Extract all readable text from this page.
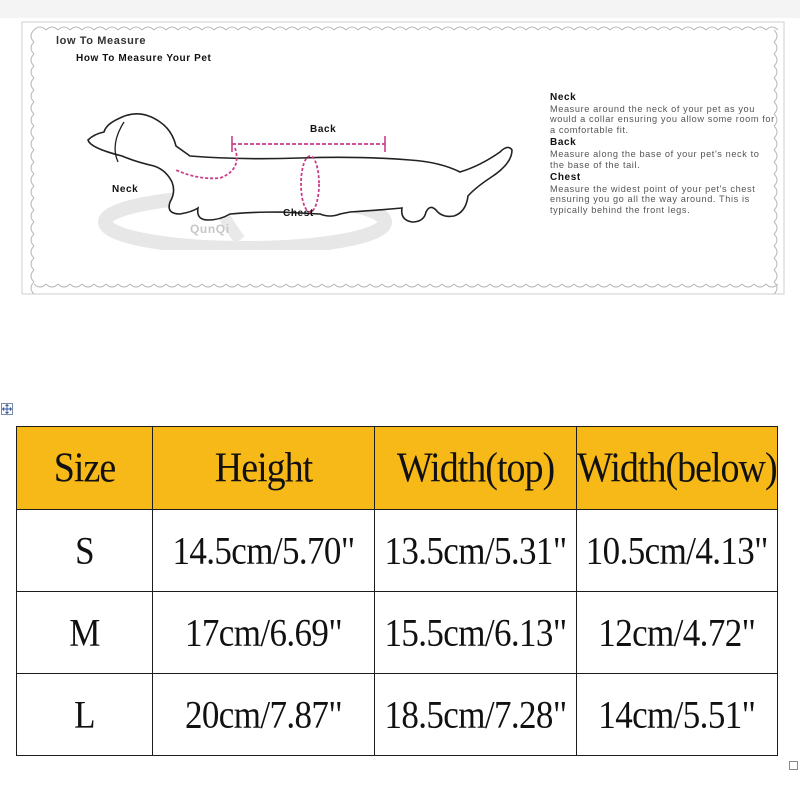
low To Measure
How To Measure Your Pet
Back
Neck
Chest
QunQi
Neck
Measure around the neck of your pet as you would a collar ensuring you allow some room for a comfortable fit.
Back
Measure along the base of your pet's neck to the base of the tail.
Chest
Measure the widest point of your pet's chest ensuring you go all the way around. This is typically behind the front legs.
Size	Height	Width(top)	Width(below)
S	14.5cm/5.70"	13.5cm/5.31"	10.5cm/4.13"
M	17cm/6.69"	15.5cm/6.13"	12cm/4.72"
L	20cm/7.87"	18.5cm/7.28"	14cm/5.51"
